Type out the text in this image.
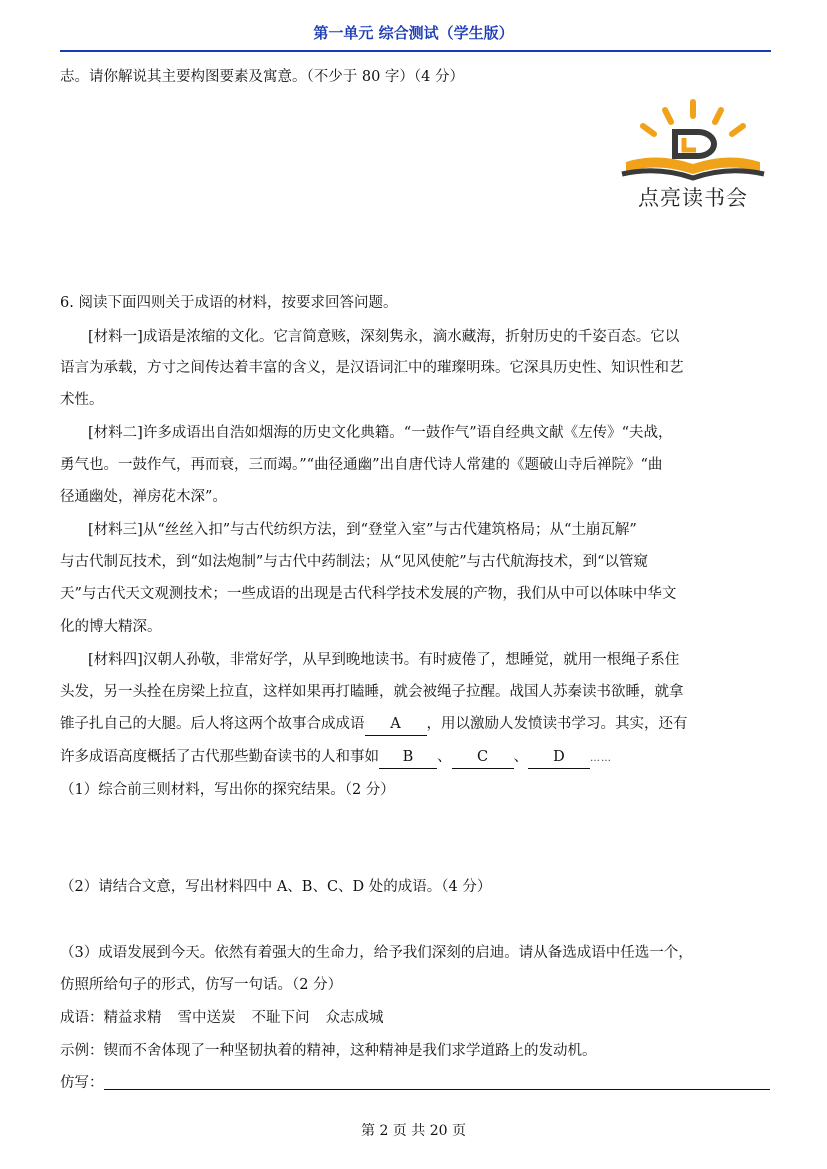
第一单元 综合测试（学生版）
志。请你解说其主要构图要素及寓意。（不少于 80 字）（4 分）
点亮读书会
6. 阅读下面四则关于成语的材料，按要求回答问题。
[材料一]成语是浓缩的文化。它言简意赅，深刻隽永，滴水藏海，折射历史的千姿百态。它以
语言为承载，方寸之间传达着丰富的含义，是汉语词汇中的璀璨明珠。它深具历史性、知识性和艺
术性。
[材料二]许多成语出自浩如烟海的历史文化典籍。“一鼓作气”语自经典文献《左传》“夫战，
勇气也。一鼓作气，再而衰，三而竭。”“曲径通幽”出自唐代诗人常建的《题破山寺后禅院》“曲
径通幽处，禅房花木深”。
[材料三]从“丝丝入扣”与古代纺织方法，到“登堂入室”与古代建筑格局；从“土崩瓦解”
与古代制瓦技术，到“如法炮制”与古代中药制法；从“见风使舵”与古代航海技术，到“以管窥
天”与古代天文观测技术；一些成语的出现是古代科学技术发展的产物，我们从中可以体味中华文
化的博大精深。
[材料四]汉朝人孙敬，非常好学，从早到晚地读书。有时疲倦了，想睡觉，就用一根绳子系住
头发，另一头拴在房梁上拉直，这样如果再打瞌睡，就会被绳子拉醒。战国人苏秦读书欲睡，就拿
锥子扎自己的大腿。后人将这两个故事合成成语 A ，用以激励人发愤读书学习。其实，还有
许多成语高度概括了古代那些勤奋读书的人和事如 B 、 C 、 D	……
（1）综合前三则材料，写出你的探究结果。（2 分）
（2）请结合文意，写出材料四中 A、B、C、D 处的成语。（4 分）
（3）成语发展到今天。依然有着强大的生命力，给予我们深刻的启迪。请从备选成语中任选一个，
仿照所给句子的形式，仿写一句话。（2 分）
成语：精益求精 雪中送炭 不耻下问 众志成城
示例：锲而不舍体现了一种坚韧执着的精神，这种精神是我们求学道路上的发动机。
仿写：
第 2 页 共 20 页
